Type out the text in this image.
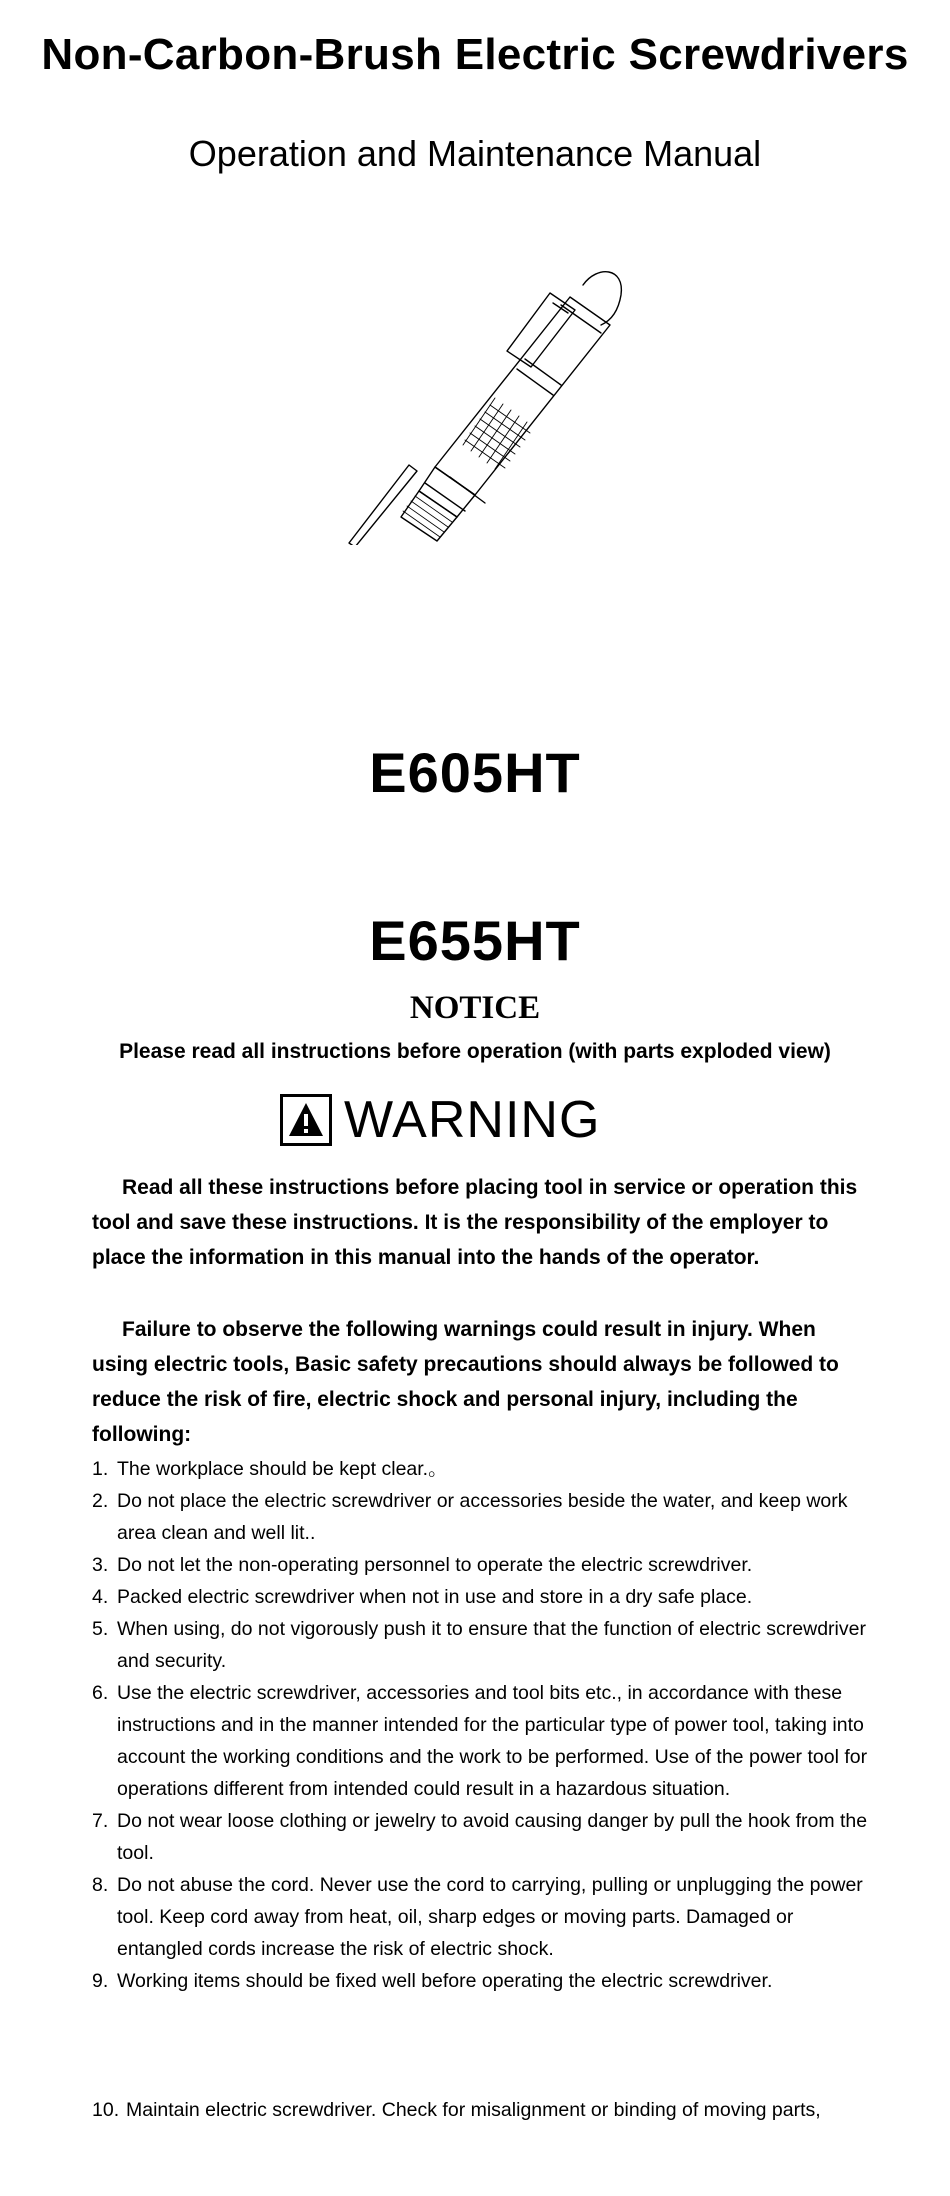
Non-Carbon-Brush Electric Screwdrivers
Operation and Maintenance Manual
E605HT
E655HT
NOTICE
Please read all instructions before operation (with parts exploded view)
WARNING
Read all these instructions before placing tool in service or operation this tool and save these instructions. It is the responsibility of the employer to place the information in this manual into the hands of the operator.
Failure to observe the following warnings could result in injury. When using electric tools, Basic safety precautions should always be followed to reduce the risk of fire, electric shock and personal injury, including the following:
1. The workplace should be kept clear.。
2. Do not place the electric screwdriver or accessories beside the water, and keep work area clean and well lit..
3. Do not let the non-operating personnel to operate the electric screwdriver.
4. Packed electric screwdriver when not in use and store in a dry safe place.
5. When using, do not vigorously push it to ensure that the function of electric screwdriver and security.
6. Use the electric screwdriver, accessories and tool bits etc., in accordance with these instructions and in the manner intended for the particular type of power tool, taking into account the working conditions and the work to be performed. Use of the power tool for operations different from intended could result in a hazardous situation.
7. Do not wear loose clothing or jewelry to avoid causing danger by pull the hook from the tool.
8. Do not abuse the cord. Never use the cord to carrying, pulling or unplugging the power tool. Keep cord away from heat, oil, sharp edges or moving parts. Damaged or entangled cords increase the risk of electric shock.
9. Working items should be fixed well before operating the electric screwdriver.
10. Maintain electric screwdriver. Check for misalignment or binding of moving parts,
